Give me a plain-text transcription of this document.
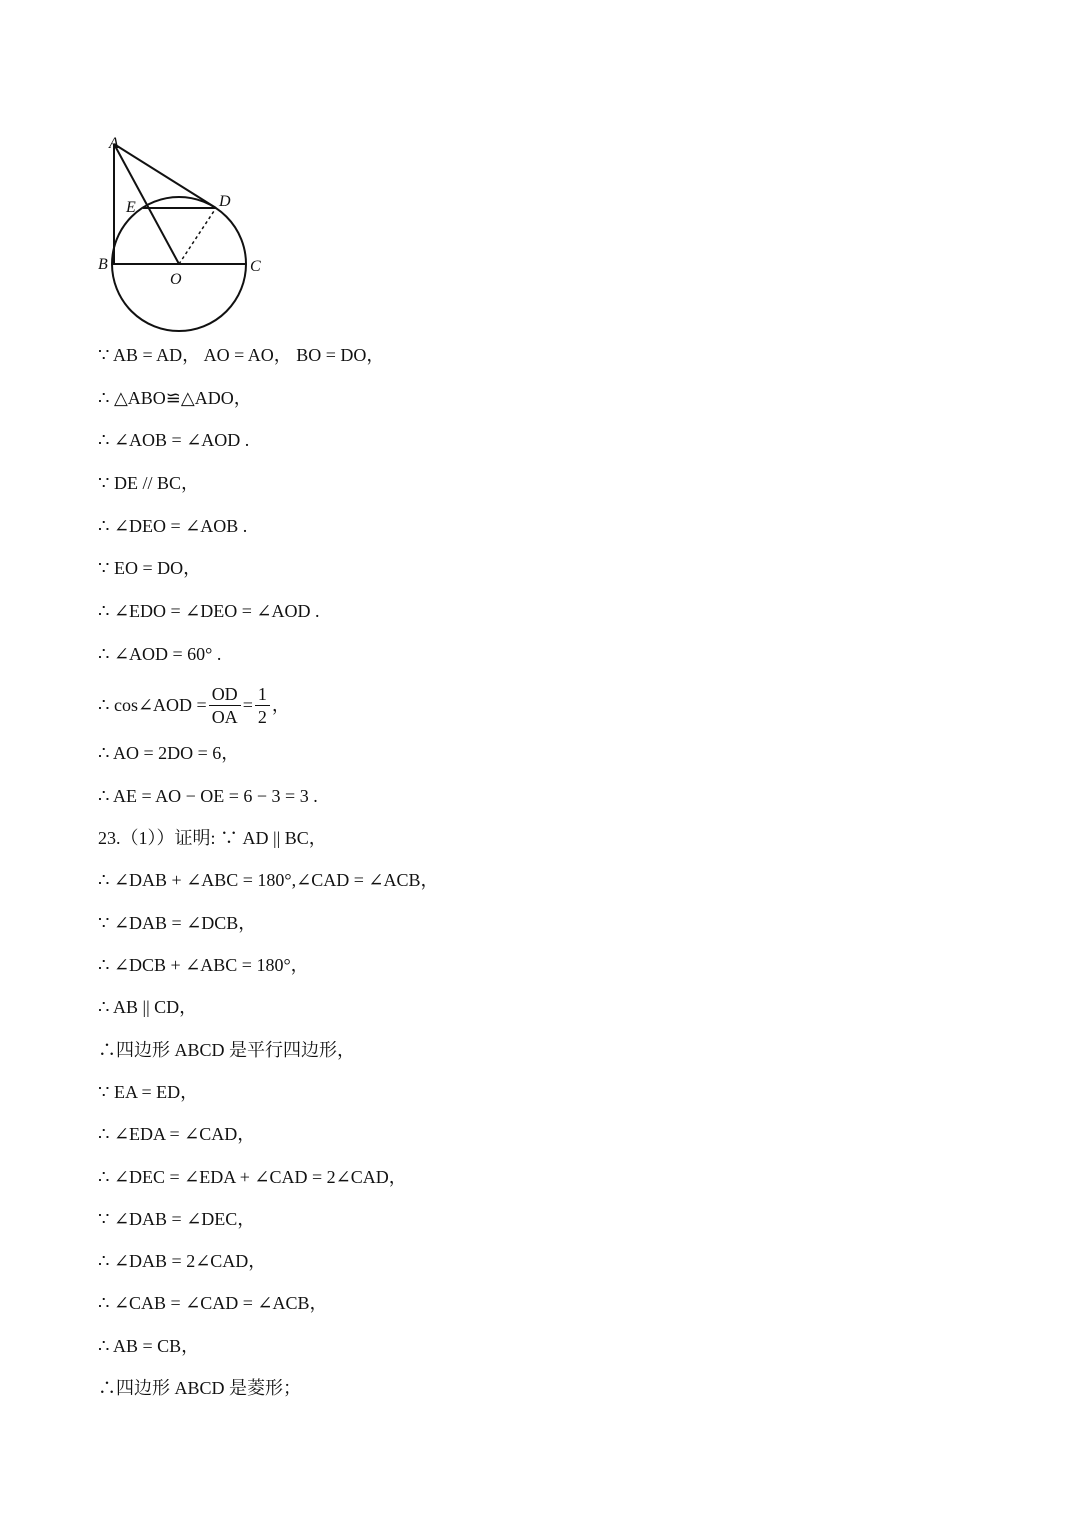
A
B	C
D
E
O
∵ AB = AD， AO = AO， BO = DO，
∴ △ABO≌△ADO，
∴ ∠AOB = ∠AOD .
∵ DE // BC，
∴ ∠DEO = ∠AOB .
∵ EO = DO，
∴ ∠EDO = ∠DEO = ∠AOD .
∴ ∠AOD = 60° .
∴ cos∠AOD = $\frac{OD}{OA} = \frac{1}{2}$ ，
∴ AO = 2DO = 6，
∴ AE = AO − OE = 6 − 3 = 3 .
23.（1））证明: ∵ AD || BC，
∴ ∠DAB + ∠ABC = 180°,∠CAD = ∠ACB，
∵ ∠DAB = ∠DCB，
∴ ∠DCB + ∠ABC = 180°，
∴ AB || CD，
∴四边形 ABCD 是平行四边形，
∵ EA = ED，
∴ ∠EDA = ∠CAD，
∴ ∠DEC = ∠EDA + ∠CAD = 2∠CAD，
∵ ∠DAB = ∠DEC，
∴ ∠DAB = 2∠CAD，
∴ ∠CAB = ∠CAD = ∠ACB，
∴ AB = CB，
∴四边形 ABCD 是菱形；
